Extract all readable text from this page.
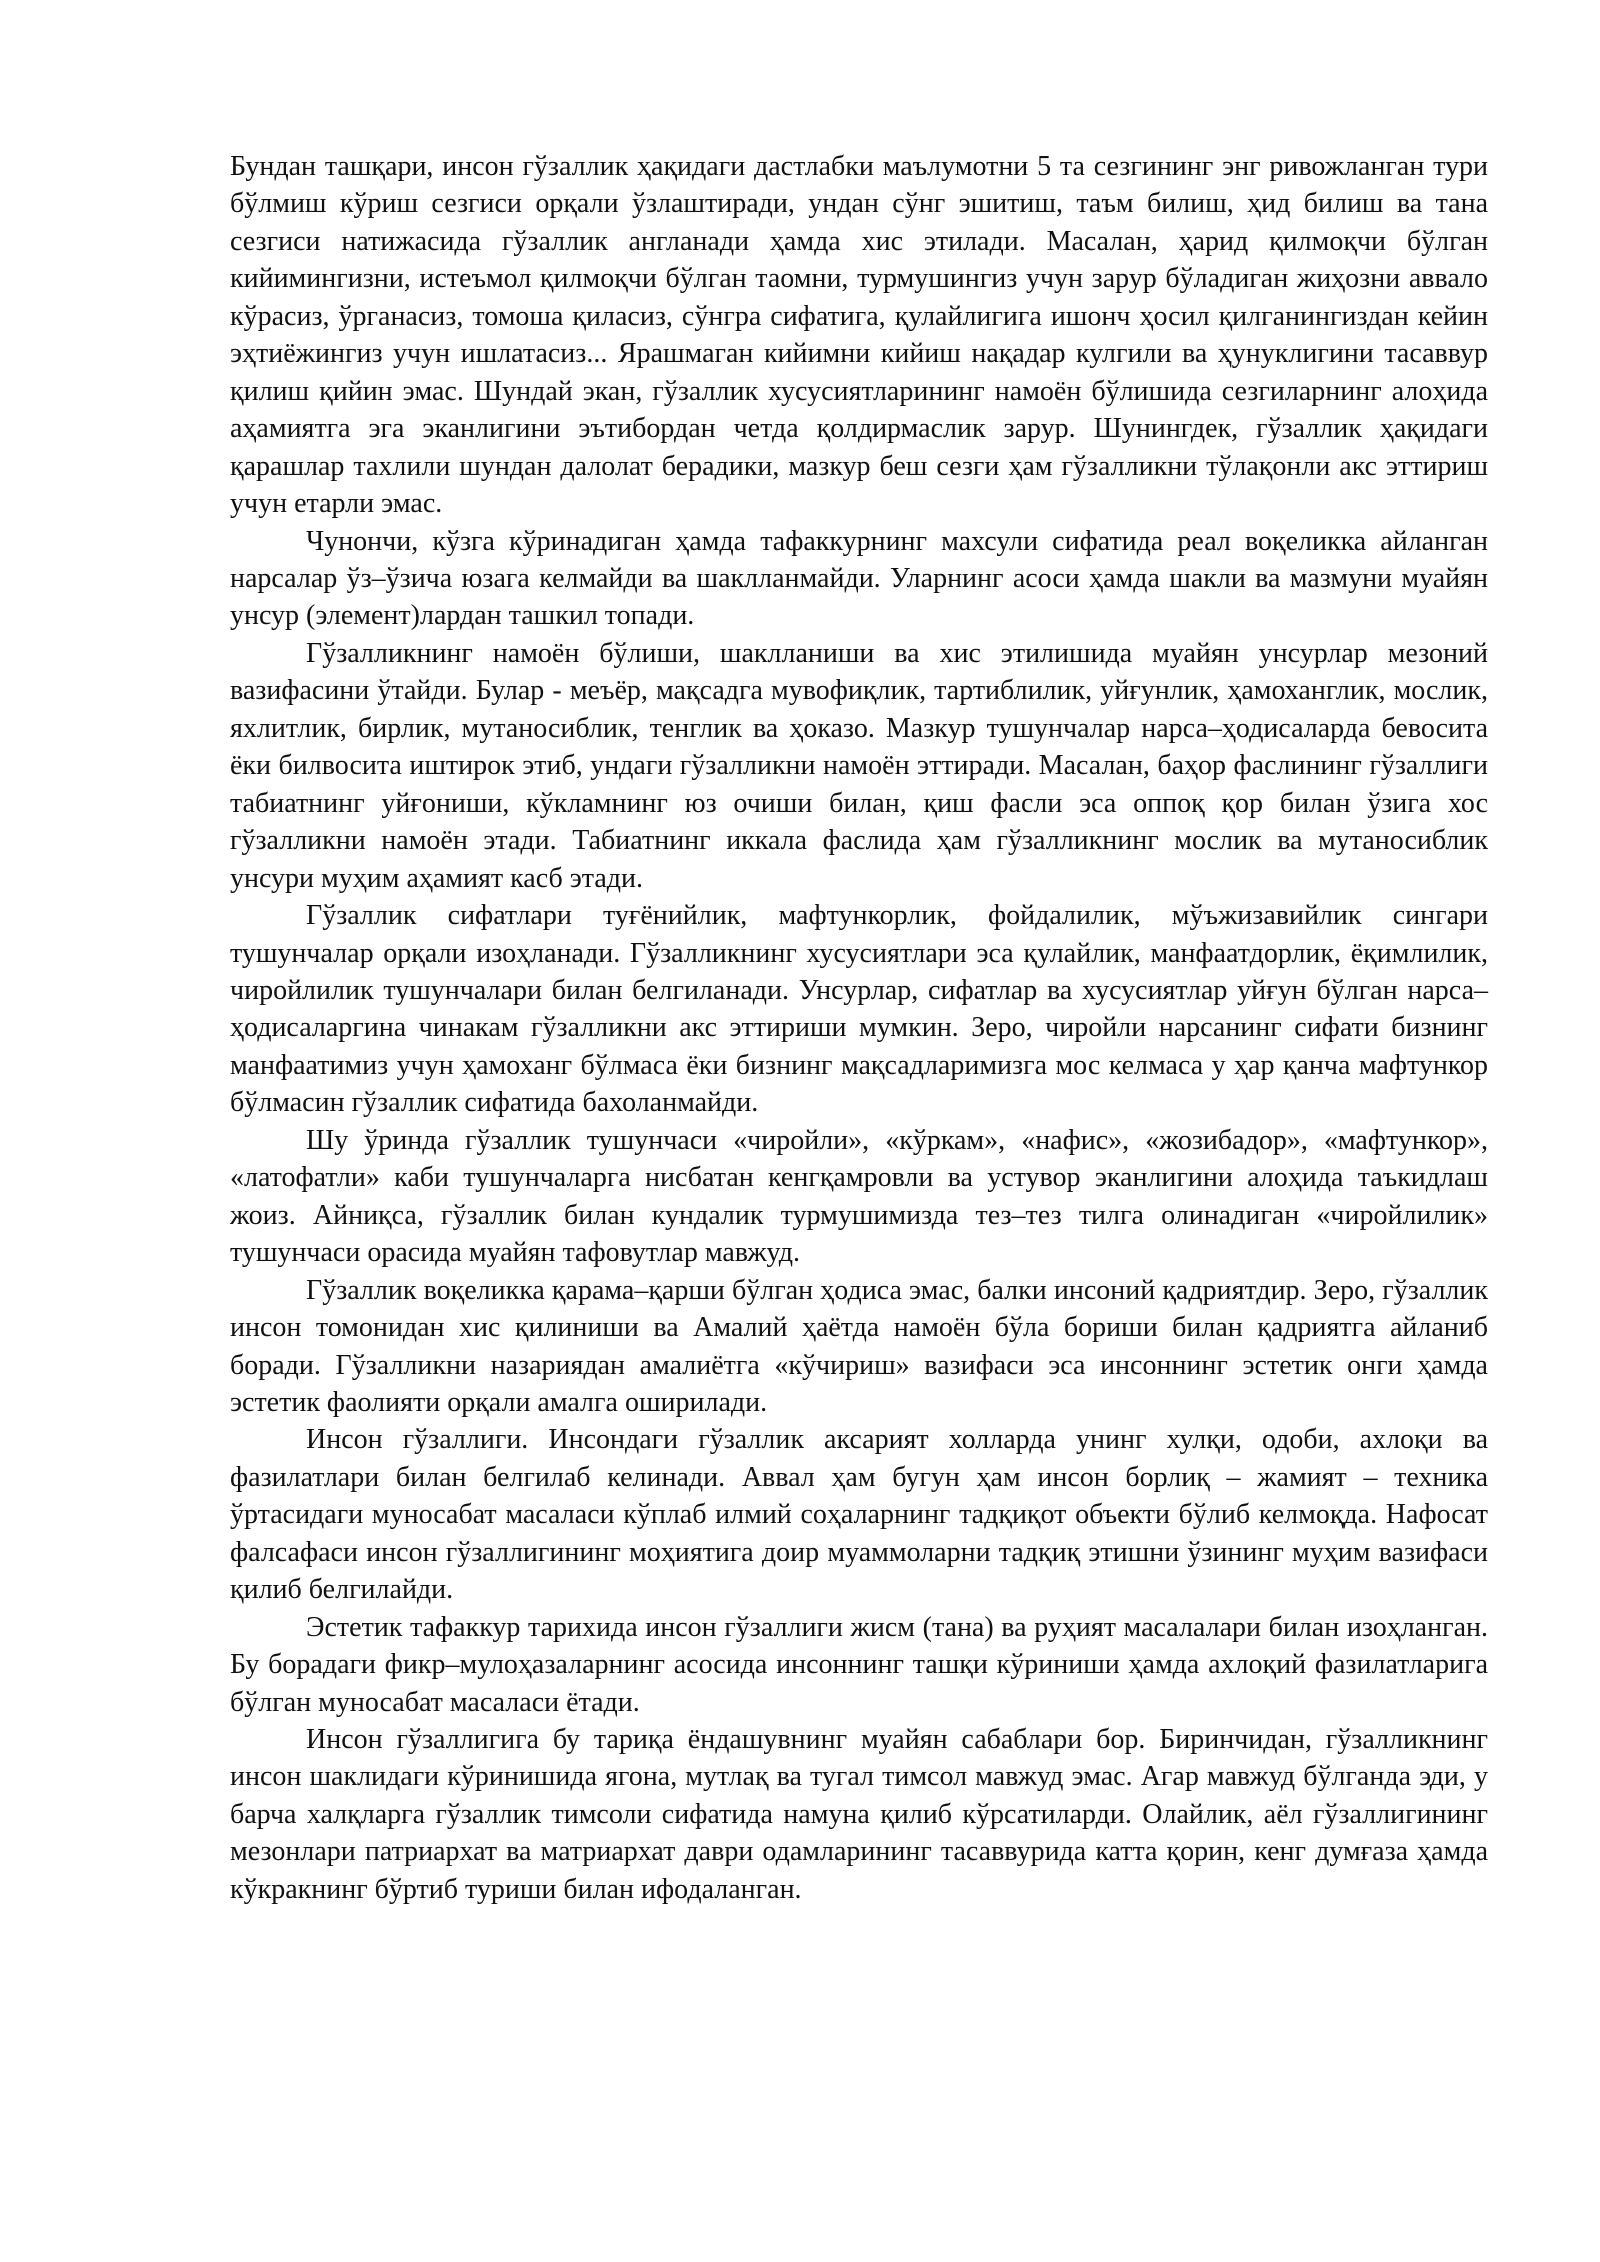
Бундан ташқари, инсон гўзаллик ҳақидаги дастлабки маълумотни 5 та сезгининг энг ривожланган тури бўлмиш кўриш сезгиси орқали ўзлаштиради, ундан сўнг эшитиш, таъм билиш, ҳид билиш ва тана сезгиси натижасида гўзаллик англанади ҳамда хис этилади. Масалан, ҳарид қилмоқчи бўлган кийимингизни, истеъмол қилмоқчи бўлган таомни, турмушингиз учун зарур бўладиган жиҳозни аввало кўрасиз, ўрганасиз, томоша қиласиз, сўнгра сифатига, қулайлигига ишонч ҳосил қилганингиздан кейин эҳтиёжингиз учун ишлатасиз... Ярашмаган кийимни кийиш нақадар кулгили ва ҳунуклигини тасаввур қилиш қийин эмас. Шундай экан, гўзаллик хусусиятларининг намоён бўлишида сезгиларнинг алоҳида аҳамиятга эга эканлигини эътибордан четда қолдирмаслик зарур. Шунингдек, гўзаллик ҳақидаги қарашлар тахлили шундан далолат берадики, мазкур беш сезги ҳам гўзалликни тўлақонли акс эттириш учун етарли эмас.

Чунончи, кўзга кўринадиган ҳамда тафаккурнинг махсули сифатида реал воқеликка айланган нарсалар ўз–ўзича юзага келмайди ва шаклланмайди. Уларнинг асоси ҳамда шакли ва мазмуни муайян унсур (элемент)лардан ташкил топади.

Гўзалликнинг намоён бўлиши, шаклланиши ва хис этилишида муайян унсурлар мезоний вазифасини ўтайди. Булар - меъёр, мақсадга мувофиқлик, тартиблилик, уйғунлик, ҳамоханглик, мослик, яхлитлик, бирлик, мутаносиблик, тенглик ва ҳоказо. Мазкур тушунчалар нарса–ҳодисаларда бевосита ёки билвосита иштирок этиб, ундаги гўзалликни намоён эттиради. Масалан, баҳор фаслининг гўзаллиги табиатнинг уйғониши, кўкламнинг юз очиши билан, қиш фасли эса оппоқ қор билан ўзига хос гўзалликни намоён этади. Табиатнинг иккала фаслида ҳам гўзалликнинг мослик ва мутаносиблик унсури муҳим аҳамият касб этади.

Гўзаллик сифатлари туғёнийлик, мафтункорлик, фойдалилик, мўъжизавийлик сингари тушунчалар орқали изоҳланади. Гўзалликнинг хусусиятлари эса қулайлик, манфаатдорлик, ёқимлилик, чиройлилик тушунчалари билан белгиланади. Унсурлар, сифатлар ва хусусиятлар уйғун бўлган нарса–ҳодисаларгина чинакам гўзалликни акс эттириши мумкин. Зеро, чиройли нарсанинг сифати бизнинг манфаатимиз учун ҳамоханг бўлмаса ёки бизнинг мақсадларимизга мос келмаса у ҳар қанча мафтункор бўлмасин гўзаллик сифатида бахоланмайди.

Шу ўринда гўзаллик тушунчаси «чиройли», «кўркам», «нафис», «жозибадор», «мафтункор», «латофатли» каби тушунчаларга нисбатан кенгқамровли ва устувор эканлигини алоҳида таъкидлаш жоиз. Айниқса, гўзаллик билан кундалик турмушимизда тез–тез тилга олинадиган «чиройлилик» тушунчаси орасида муайян тафовутлар мавжуд.

Гўзаллик воқеликка қарама–қарши бўлган ҳодиса эмас, балки инсоний қадриятдир. Зеро, гўзаллик инсон томонидан хис қилиниши ва Амалий ҳаётда намоён бўла бориши билан қадриятга айланиб боради. Гўзалликни назариядан амалиётга «кўчириш» вазифаси эса инсоннинг эстетик онги ҳамда эстетик фаолияти орқали амалга оширилади.

Инсон гўзаллиги. Инсондаги гўзаллик аксарият холларда унинг хулқи, одоби, ахлоқи ва фазилатлари билан белгилаб келинади. Аввал ҳам бугун ҳам инсон борлиқ – жамият – техника ўртасидаги муносабат масаласи кўплаб илмий соҳаларнинг тадқиқот объекти бўлиб келмоқда. Нафосат фалсафаси инсон гўзаллигининг моҳиятига доир муаммоларни тадқиқ этишни ўзининг муҳим вазифаси қилиб белгилайди.

Эстетик тафаккур тарихида инсон гўзаллиги жисм (тана) ва руҳият масалалари билан изоҳланган. Бу борадаги фикр–мулоҳазаларнинг асосида инсоннинг ташқи кўриниши ҳамда ахлоқий фазилатларига бўлган муносабат масаласи ётади.

Инсон гўзаллигига бу тариқа ёндашувнинг муайян сабаблари бор. Биринчидан, гўзалликнинг инсон шаклидаги кўринишида ягона, мутлақ ва тугал тимсол мавжуд эмас. Агар мавжуд бўлганда эди, у барча халқларга гўзаллик тимсоли сифатида намуна қилиб кўрсатиларди. Олайлик, аёл гўзаллигининг мезонлари патриархат ва матриархат даври одамларининг тасаввурида катта қорин, кенг думғаза ҳамда кўкракнинг бўртиб туриши билан ифодаланган.
